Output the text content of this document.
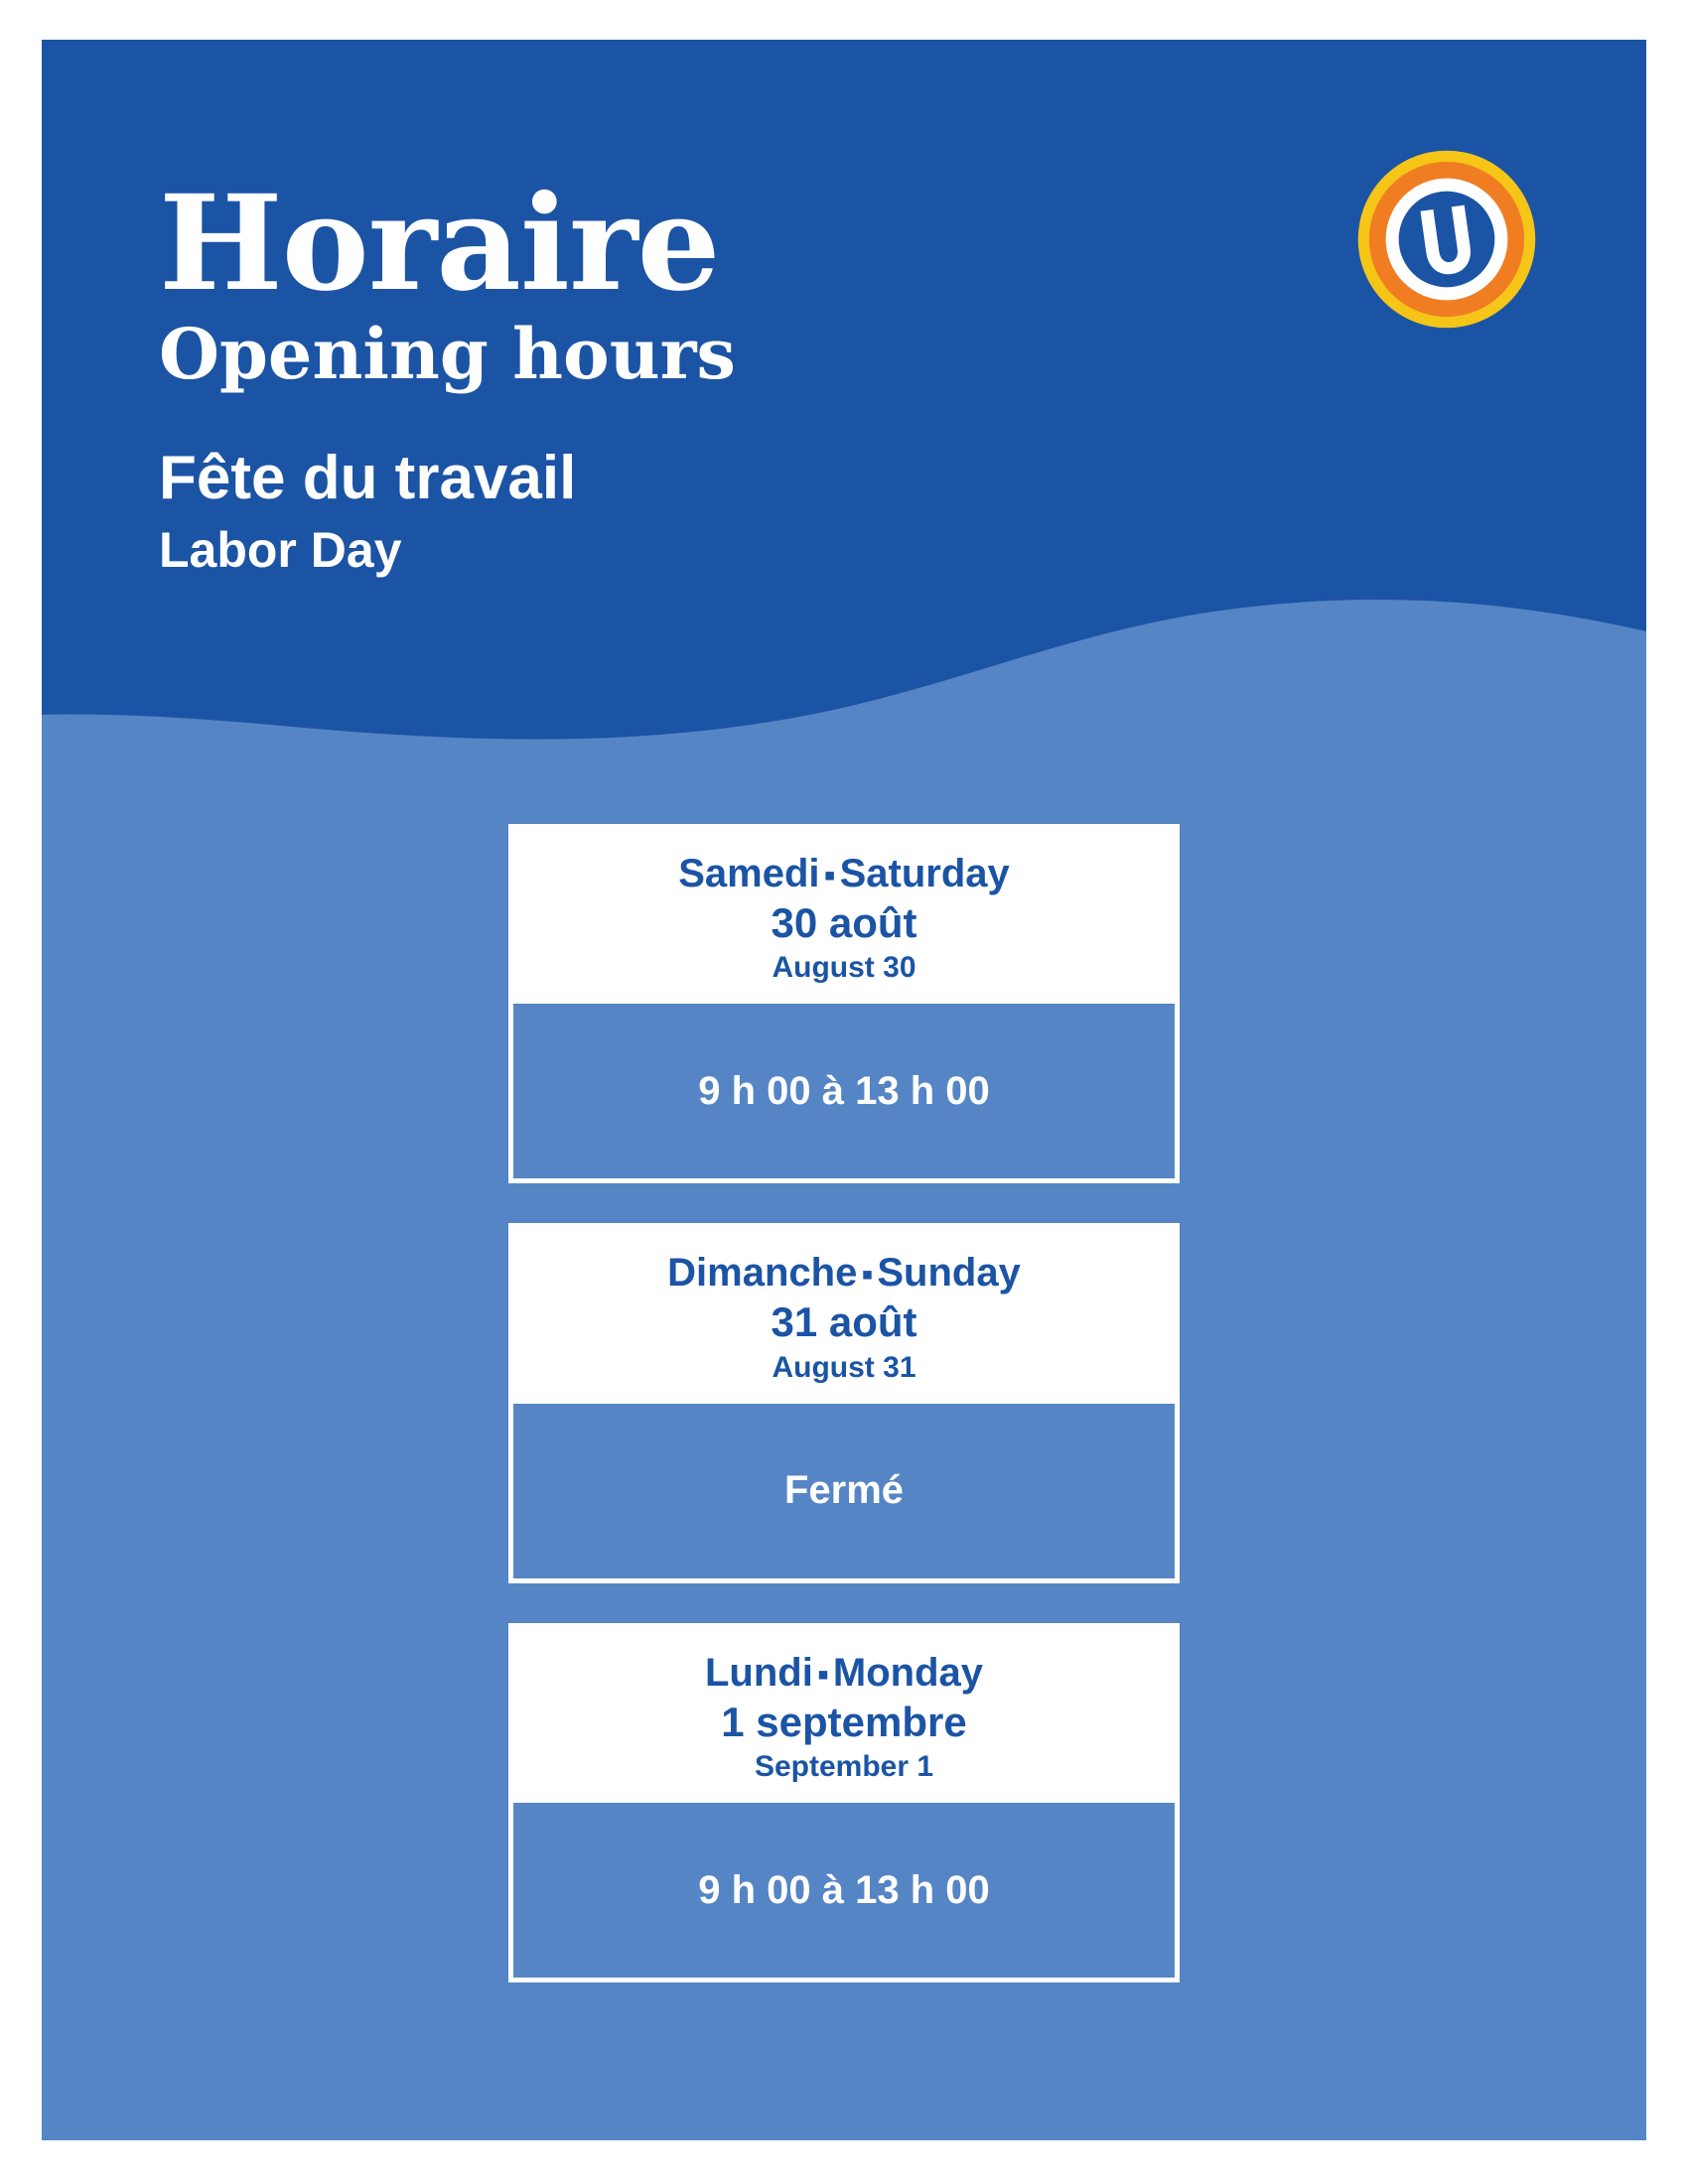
Horaire
Opening hours
Fête du travail
Labor Day
Samedi ▪ Saturday
30 août
August 30
9 h 00 à 13 h 00
Dimanche ▪ Sunday
31 août
August 31
Fermé
Lundi ▪ Monday
1 septembre
September 1
9 h 00 à 13 h 00
